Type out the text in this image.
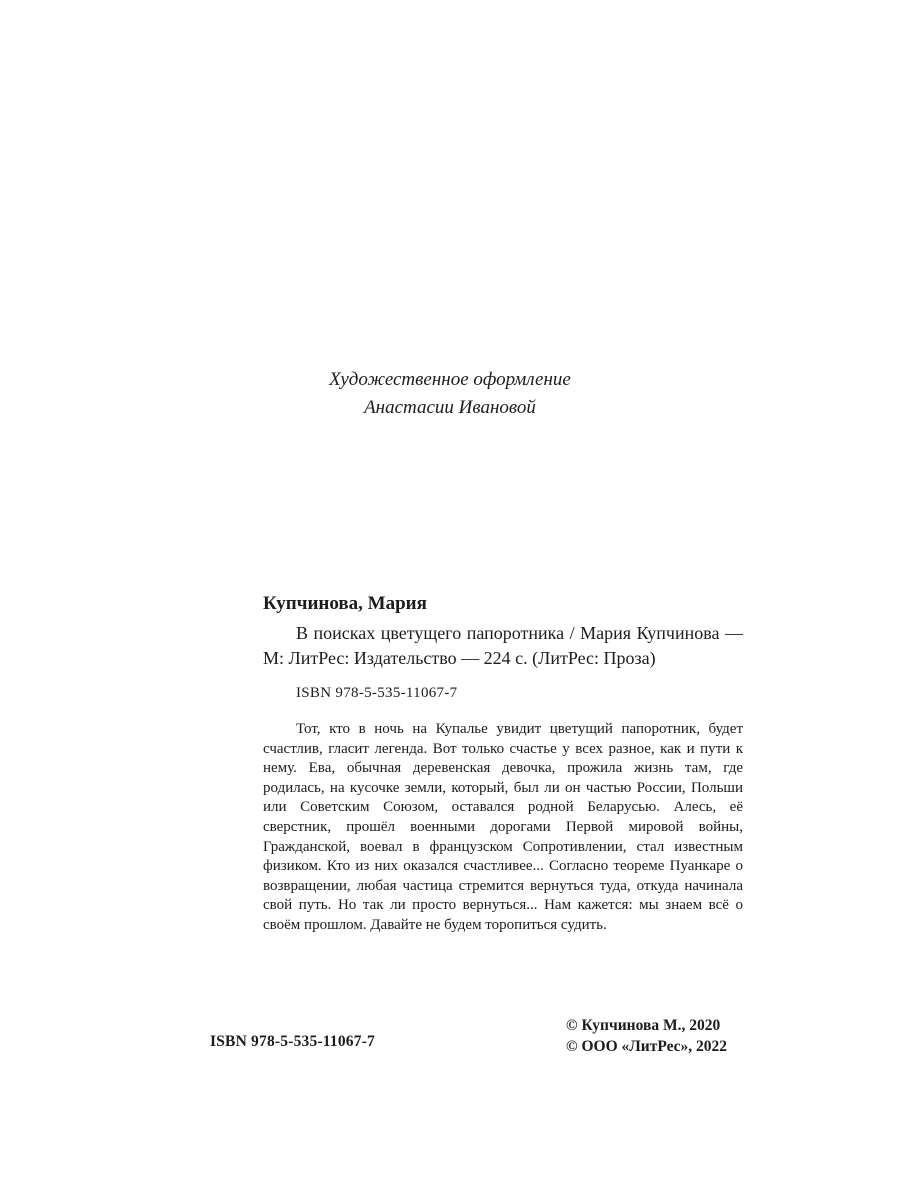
Художественное оформление
Анастасии Ивановой
Купчинова, Мария
В поисках цветущего папоротника / Мария Купчинова — М: ЛитРес: Издательство — 224 с. (ЛитРес: Проза)
ISBN 978-5-535-11067-7
Тот, кто в ночь на Купалье увидит цветущий папоротник, будет счастлив, гласит легенда. Вот только счастье у всех разное, как и пути к нему. Ева, обычная деревенская девочка, прожила жизнь там, где родилась, на кусочке земли, который, был ли он частью России, Польши или Советским Союзом, оставался родной Беларусью. Алесь, её сверстник, прошёл военными дорогами Первой мировой войны, Гражданской, воевал в французском Сопротивлении, стал известным физиком. Кто из них оказался счастливее... Согласно теореме Пуанкаре о возвращении, любая частица стремится вернуться туда, откуда начинала свой путь. Но так ли просто вернуться... Нам кажется: мы знаем всё о своём прошлом. Давайте не будем торопиться судить.
ISBN 978-5-535-11067-7
© Купчинова М., 2020
© ООО «ЛитРес», 2022
